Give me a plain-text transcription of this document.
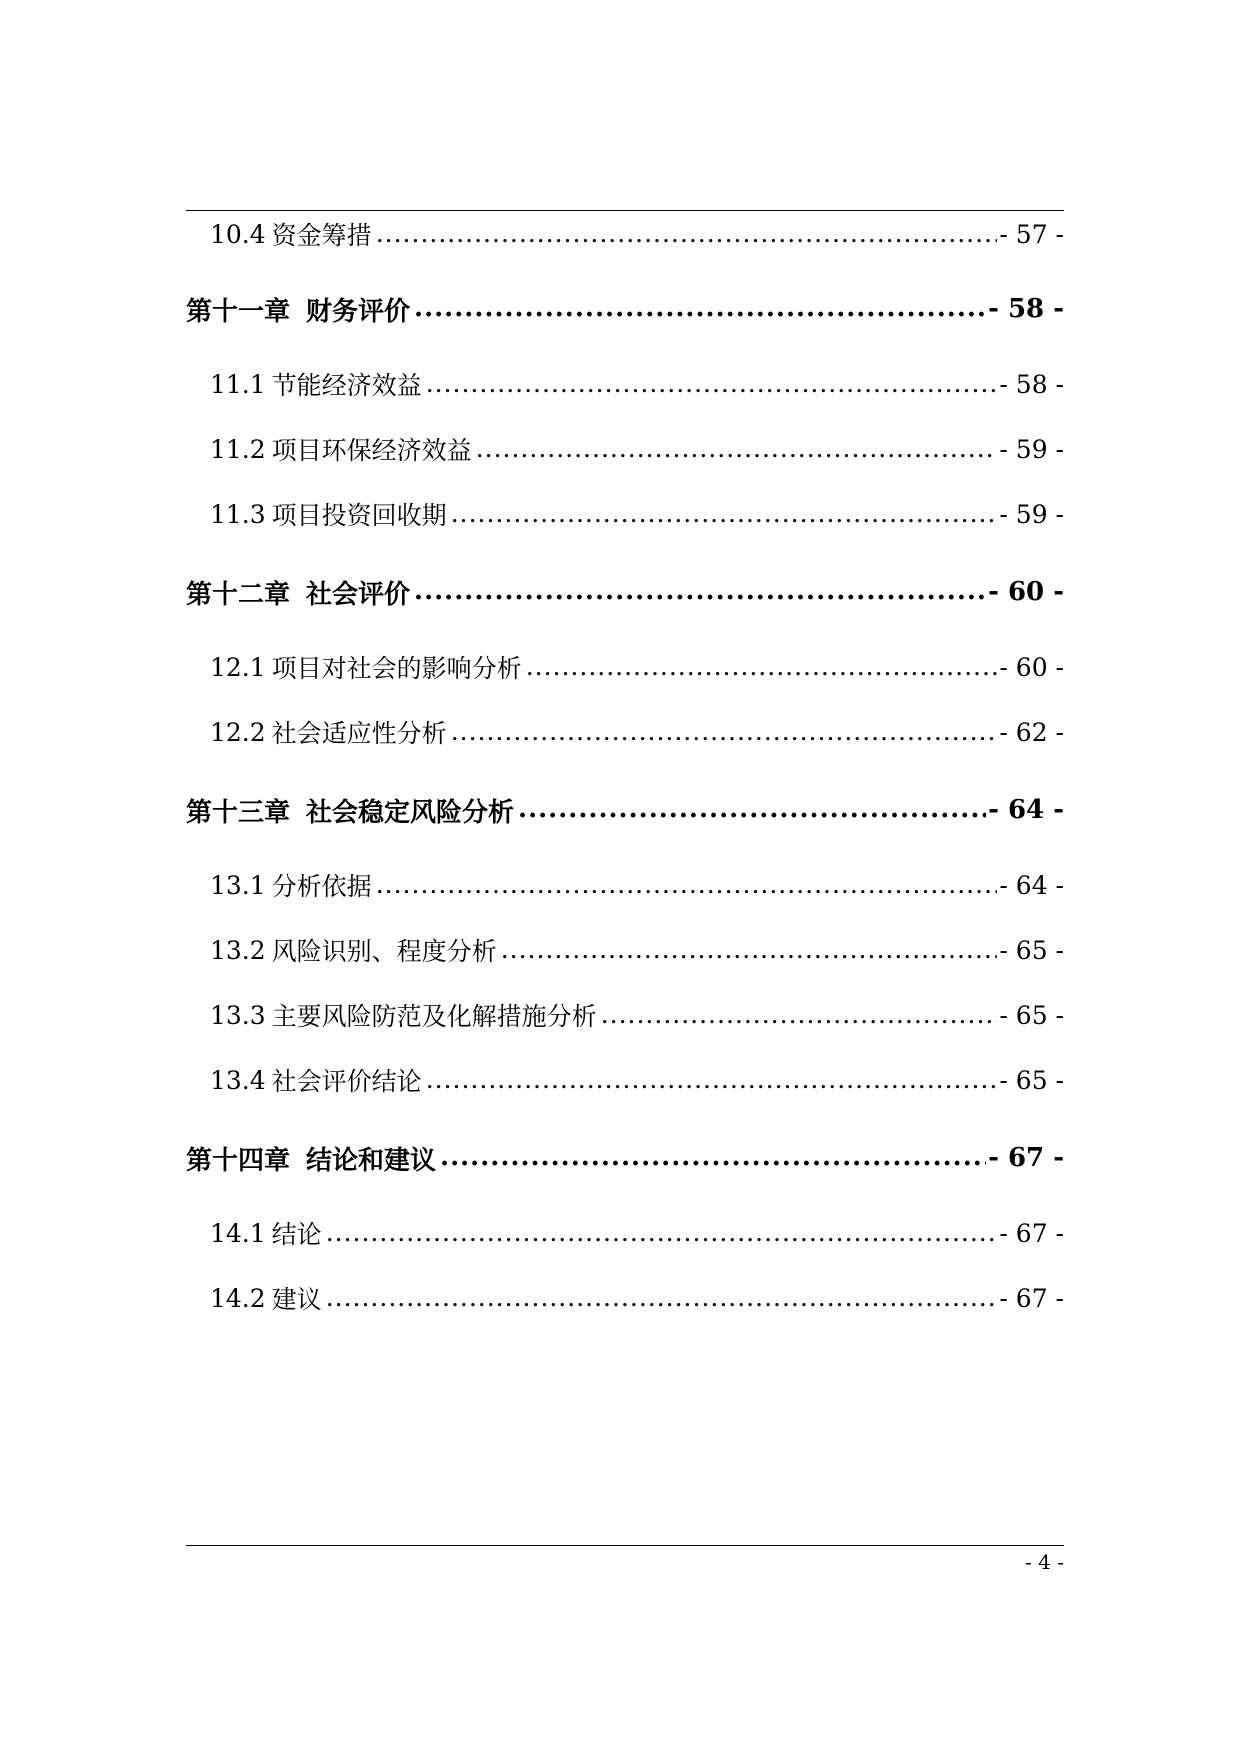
10.4 资金筹措 .....	- 57 -
第十一章 财务评价 .....	- 58 -
11.1 节能经济效益 .....	- 58 -
11.2 项目环保经济效益 .....	- 59 -
11.3 项目投资回收期 .....	- 59 -
第十二章 社会评价 .....	- 60 -
12.1 项目对社会的影响分析 .....	- 60 -
12.2 社会适应性分析 .....	- 62 -
第十三章 社会稳定风险分析 .....	- 64 -
13.1 分析依据 .....	- 64 -
13.2 风险识别、程度分析 .....	- 65 -
13.3 主要风险防范及化解措施分析 .....	- 65 -
13.4 社会评价结论 .....	- 65 -
第十四章 结论和建议 .....	- 67 -
14.1 结论 .....	- 67 -
14.2 建议 .....	- 67 -
- 4 -
